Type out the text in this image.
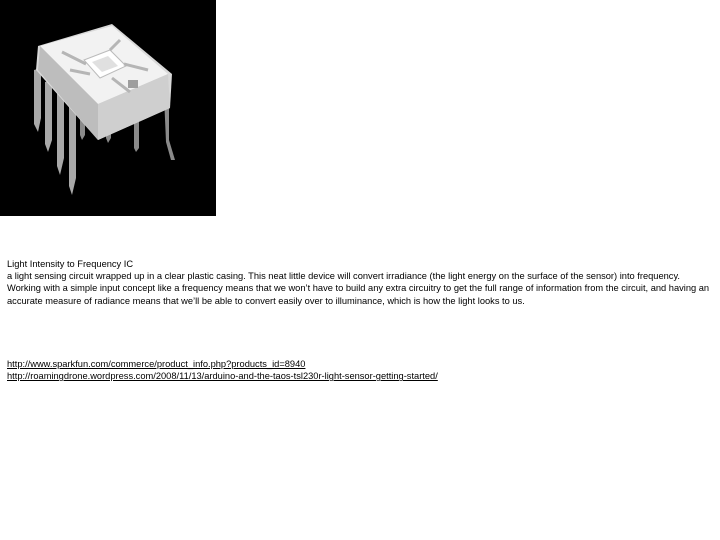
Light Intensity to Frequency IC

a light sensing circuit wrapped up in a clear plastic casing. This neat little device will convert irradiance (the light energy on the surface of the sensor) into frequency. Working with a simple input concept like a frequency means that we won’t have to build any extra circuitry to get the full range of information from the circuit, and having an accurate measure of radiance means that we’ll be able to convert easily over to illuminance, which is how the light looks to us.

http://www.sparkfun.com/commerce/product_info.php?products_id=8940
http://roamingdrone.wordpress.com/2008/11/13/arduino-and-the-taos-tsl230r-light-sensor-getting-started/
